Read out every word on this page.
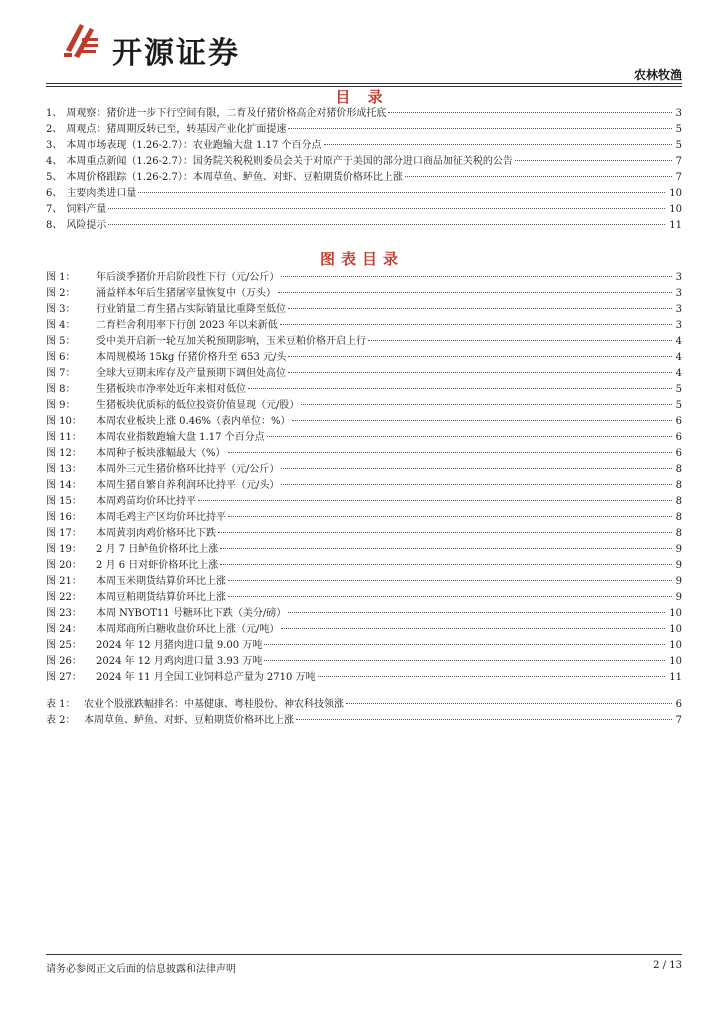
开源证券
农林牧渔
目 录
1、 周观察：猪价进一步下行空间有限，二育及仔猪价格高企对猪价形成托底	3
2、 周观点：猪周期反转已至，转基因产业化扩面提速	5
3、 本周市场表现（1.26-2.7）：农业跑输大盘 1.17 个百分点	5
4、 本周重点新闻（1.26-2.7）：国务院关税税则委员会关于对原产于美国的部分进口商品加征关税的公告	7
5、 本周价格跟踪（1.26-2.7）：本周草鱼、鲈鱼、对虾、豆粕期货价格环比上涨	7
6、 主要肉类进口量	10
7、 饲料产量	10
8、 风险提示	11
图表目录
图 1：	年后淡季猪价开启阶段性下行（元/公斤）	3
图 2：	涌益样本年后生猪屠宰量恢复中（万头）	3
图 3：	行业销量二育生猪占实际销量比重降至低位	3
图 4：	二育栏舍利用率下行创 2023 年以来新低	3
图 5：	受中美开启新一轮互加关税预期影响，玉米豆粕价格开启上行	4
图 6：	本周规模场 15kg 仔猪价格升至 653 元/头	4
图 7：	全球大豆期末库存及产量预期下调但处高位	4
图 8：	生猪板块市净率处近年来相对低位	5
图 9：	生猪板块优质标的低位投资价值显现（元/股）	5
图 10：	本周农业板块上涨 0.46%（表内单位：%）	6
图 11：	本周农业指数跑输大盘 1.17 个百分点	6
图 12：	本周种子板块涨幅最大（%）	6
图 13：	本周外三元生猪价格环比持平（元/公斤）	8
图 14：	本周生猪自繁自养利润环比持平（元/头）	8
图 15：	本周鸡苗均价环比持平	8
图 16：	本周毛鸡主产区均价环比持平	8
图 17：	本周黄羽肉鸡价格环比下跌	8
图 19：	2 月 7 日鲈鱼价格环比上涨	9
图 20：	2 月 6 日对虾价格环比上涨	9
图 21：	本周玉米期货结算价环比上涨	9
图 22：	本周豆粕期货结算价环比上涨	9
图 23：	本周 NYBOT11 号糖环比下跌（美分/磅）	10
图 24：	本周郑商所白糖收盘价环比上涨（元/吨）	10
图 25：	2024 年 12 月猪肉进口量 9.00 万吨	10
图 26：	2024 年 12 月鸡肉进口量 3.93 万吨	10
图 27：	2024 年 11 月全国工业饲料总产量为 2710 万吨	11
表 1： 农业个股涨跌幅排名：中基健康、粤桂股份、神农科技领涨	6
表 2： 本周草鱼、鲈鱼、对虾、豆粕期货价格环比上涨	7
请务必参阅正文后面的信息披露和法律声明	2 / 13
